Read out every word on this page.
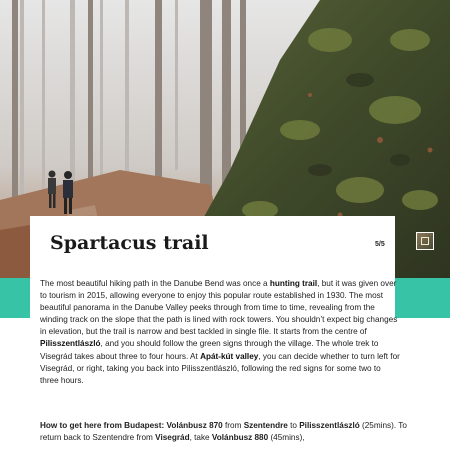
Spartacus trail	5/5

The most beautiful hiking path in the Danube Bend was once a hunting trail, but it was given over to tourism in 2015, allowing everyone to enjoy this popular route established in 1930. The most beautiful panorama in the Danube Valley peeks through from time to time, revealing from the winding track on the slope that the path is lined with rock towers. You shouldn’t expect big changes in elevation, but the trail is narrow and best tackled in single file. It starts from the centre of Pilisszentlászló, and you should follow the green signs through the village. The whole trek to Visegrád takes about three to four hours. At Apát-kút valley, you can decide whether to turn left for Visegrád, or right, taking you back into Pilisszentlászló, following the red signs for some two to three hours.

How to get here from Budapest: Volánbusz 870 from Szentendre to Pilisszentlászló (25mins). To return back to Szentendre from Visegrád, take Volánbusz 880 (45mins),
